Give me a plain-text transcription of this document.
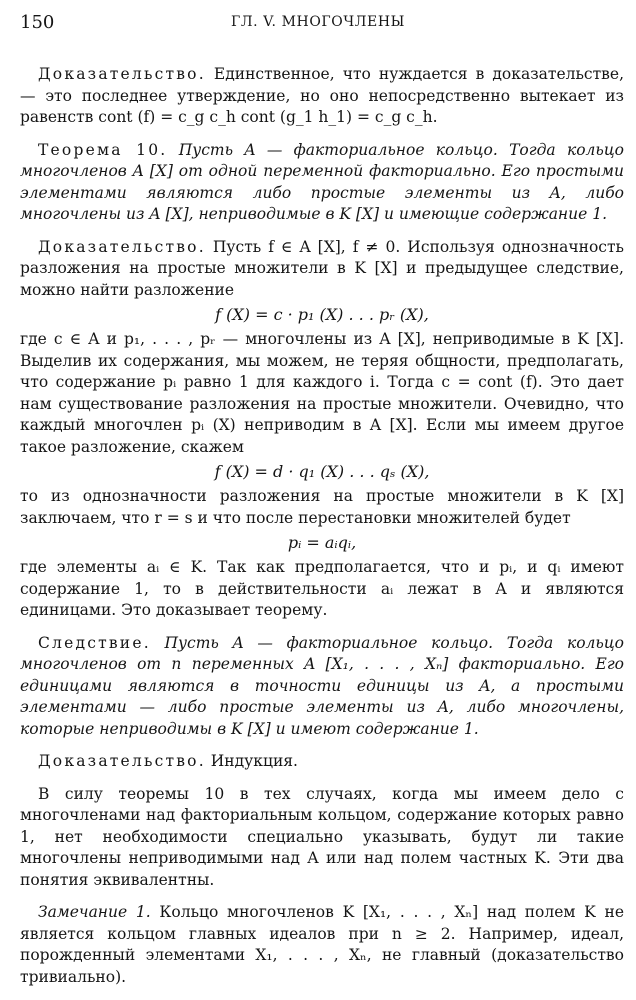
150	ГЛ. V. МНОГОЧЛЕНЫ

Доказательство. Единственное, что нуждается в доказательстве, — это последнее утверждение, но оно непосредственно вытекает из равенств cont (f) = c_g c_h cont (g_1 h_1) = c_g c_h.

Теорема 10. Пусть A — факториальное кольцо. Тогда кольцо многочленов A [X] от одной переменной факториально. Его простыми элементами являются либо простые элементы из A, либо многочлены из A [X], неприводимые в K [X] и имеющие содержание 1.

Доказательство. Пусть f ∈ A [X], f ≠ 0. Используя однозначность разложения на простые множители в K [X] и предыдущее следствие, можно найти разложение

f (X) = c · p₁ (X) . . . pᵣ (X),

где c ∈ A и p₁, . . . , pᵣ — многочлены из A [X], неприводимые в K [X]. Выделив их содержания, мы можем, не теряя общности, предполагать, что содержание pᵢ равно 1 для каждого i. Тогда c = cont (f). Это дает нам существование разложения на простые множители. Очевидно, что каждый многочлен pᵢ (X) неприводим в A [X]. Если мы имеем другое такое разложение, скажем

f (X) = d · q₁ (X) . . . qₛ (X),

то из однозначности разложения на простые множители в K [X] заключаем, что r = s и что после перестановки множителей будет

pᵢ = aᵢqᵢ,

где элементы aᵢ ∈ K. Так как предполагается, что и pᵢ, и qᵢ имеют содержание 1, то в действительности aᵢ лежат в A и являются единицами. Это доказывает теорему.

Следствие. Пусть A — факториальное кольцо. Тогда кольцо многочленов от n переменных A [X₁, . . . , Xₙ] факториально. Его единицами являются в точности единицы из A, а простыми элементами — либо простые элементы из A, либо многочлены, которые неприводимы в K [X] и имеют содержание 1.

Доказательство. Индукция.

В силу теоремы 10 в тех случаях, когда мы имеем дело с многочленами над факториальным кольцом, содержание которых равно 1, нет необходимости специально указывать, будут ли такие многочлены неприводимыми над A или над полем частных K. Эти два понятия эквивалентны.

Замечание 1. Кольцо многочленов K [X₁, . . . , Xₙ] над полем K не является кольцом главных идеалов при n ≥ 2. Например, идеал, порожденный элементами X₁, . . . , Xₙ, не главный (доказательство тривиально).
